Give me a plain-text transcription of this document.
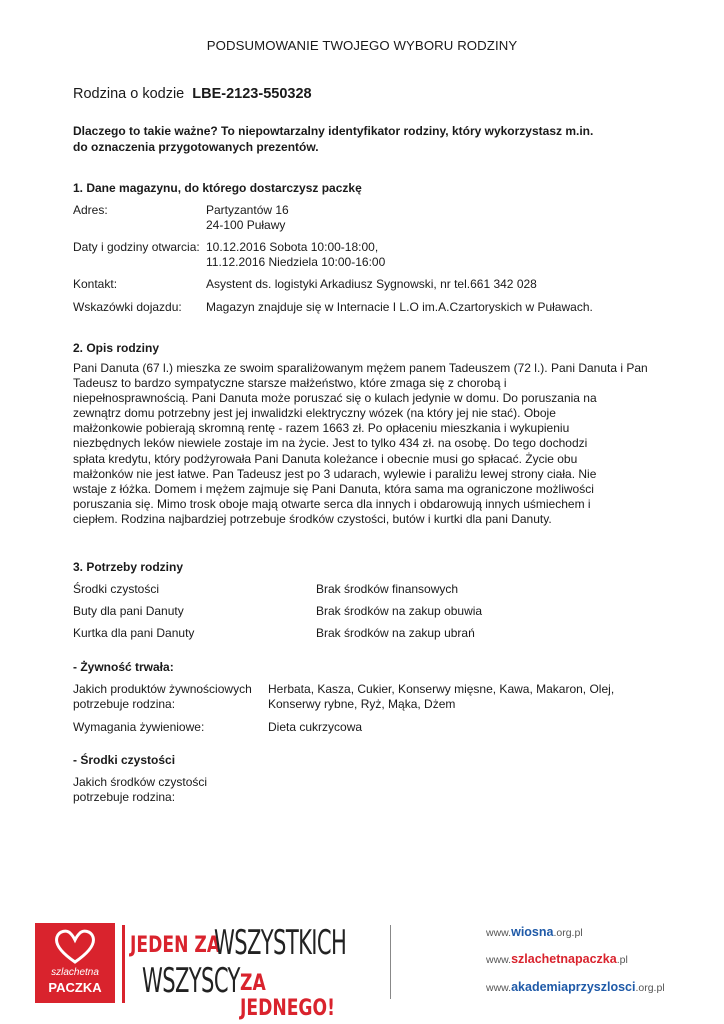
PODSUMOWANIE TWOJEGO WYBORU RODZINY
Rodzina o kodzie LBE-2123-550328
Dlaczego to takie ważne? To niepowtarzalny identyfikator rodziny, który wykorzystasz m.in.
do oznaczenia przygotowanych prezentów.
1. Dane magazynu, do którego dostarczysz paczkę
Adres:	Partyzantów 16
24-100 Puławy
Daty i godziny otwarcia: 10.12.2016 Sobota 10:00-18:00,
11.12.2016 Niedziela 10:00-16:00
Kontakt:	Asystent ds. logistyki Arkadiusz Sygnowski, nr tel.661 342 028
Wskazówki dojazdu: Magazyn znajduje się w Internacie I L.O im.A.Czartoryskich w Puławach.
2. Opis rodziny
Pani Danuta (67 l.) mieszka ze swoim sparaliżowanym mężem panem Tadeuszem (72 l.). Pani Danuta i Pan
Tadeusz to bardzo sympatyczne starsze małżeństwo, które zmaga się z chorobą i
niepełnosprawnością. Pani Danuta może poruszać się o kulach jedynie w domu. Do poruszania na
zewnątrz domu potrzebny jest jej inwalidzki elektryczny wózek (na który jej nie stać). Oboje
małżonkowie pobierają skromną rentę - razem 1663 zł. Po opłaceniu mieszkania i wykupieniu
niezbędnych leków niewiele zostaje im na życie. Jest to tylko 434 zł. na osobę. Do tego dochodzi
spłata kredytu, który podżyrowała Pani Danuta koleżance i obecnie musi go spłacać. Życie obu
małżonków nie jest łatwe. Pan Tadeusz jest po 3 udarach, wylewie i paraliżu lewej strony ciała. Nie
wstaje z łóżka. Domem i mężem zajmuje się Pani Danuta, która sama ma ograniczone możliwości
poruszania się. Mimo trosk oboje mają otwarte serca dla innych i obdarowują innych uśmiechem i
ciepłem. Rodzina najbardziej potrzebuje środków czystości, butów i kurtki dla pani Danuty.
3. Potrzeby rodziny
Środki czystości	Brak środków finansowych
Buty dla pani Danuty	Brak środków na zakup obuwia
Kurtka dla pani Danuty	Brak środków na zakup ubrań
- Żywność trwała:
Jakich produktów żywnościowych
potrzebuje rodzina:
Herbata, Kasza, Cukier, Konserwy mięsne, Kawa, Makaron, Olej,
Konserwy rybne, Ryż, Mąka, Dżem
Wymagania żywieniowe:	Dieta cukrzycowa
- Środki czystości
Jakich środków czystości
potrzebuje rodzina:
szlachetna
PACZKA
JEDEN ZA
WSZYSTKICH
WSZYSCY ZA JEDNEGO!
www.wiosna.org.pl
www.szlachetnapaczka.pl
www.akademiaprzyszlosci.org.pl
